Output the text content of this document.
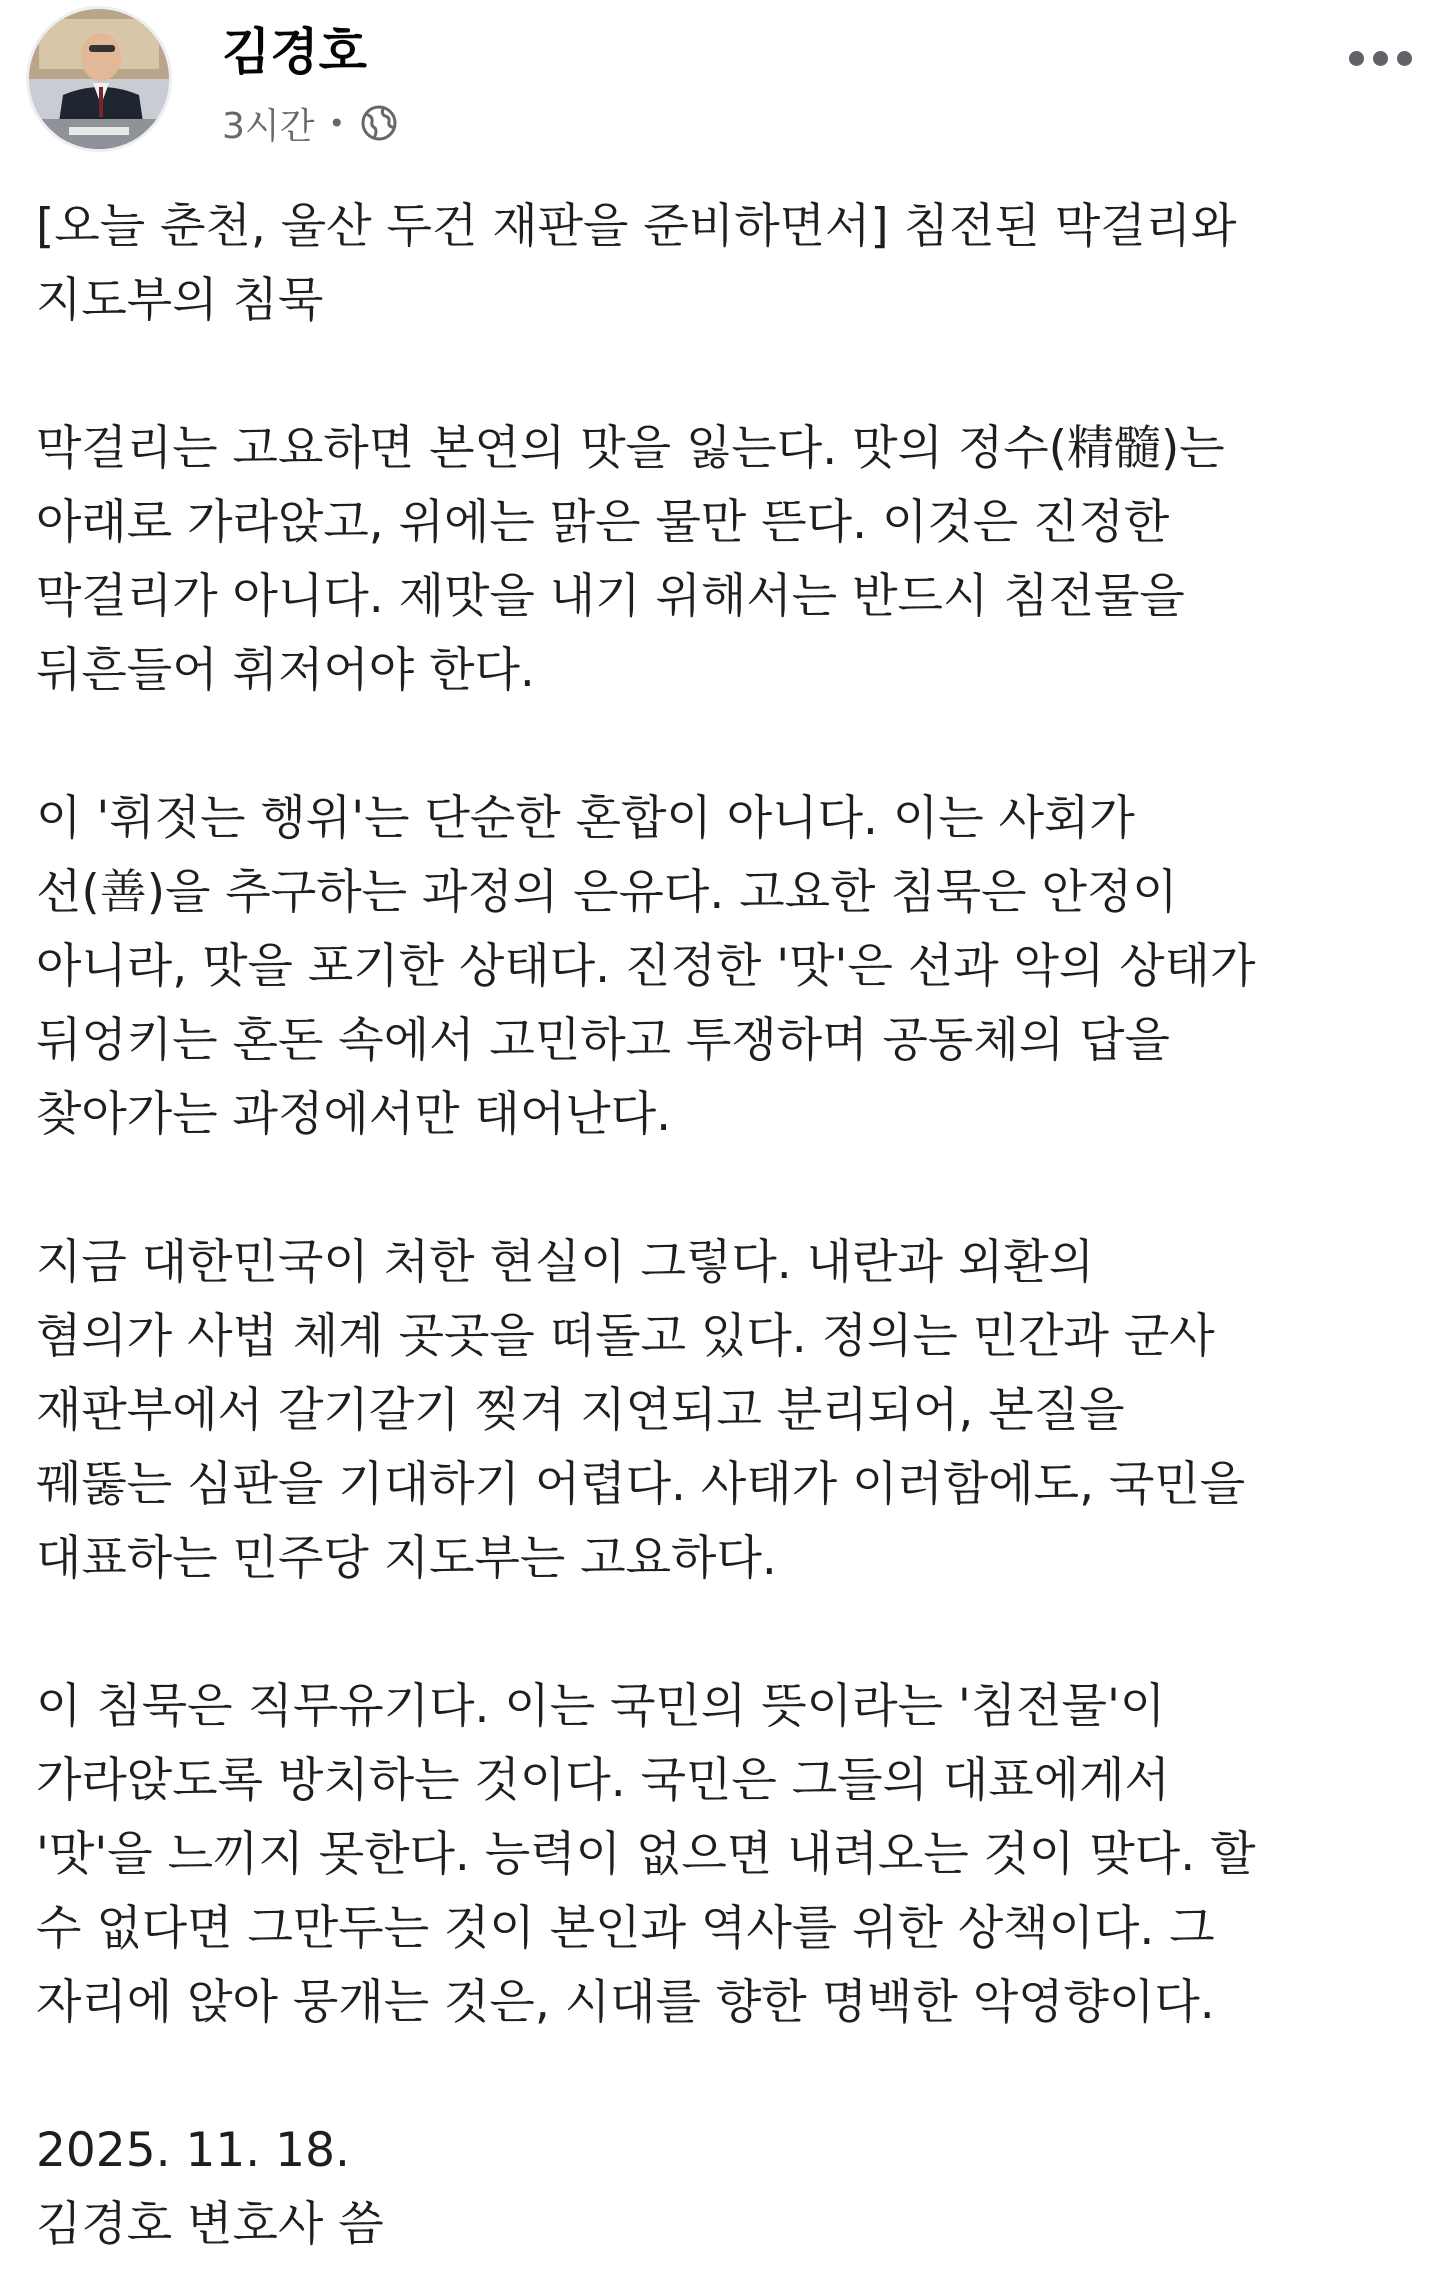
김경호
3시간 •

[오늘 춘천, 울산 두건 재판을 준비하면서] 침전된 막걸리와
지도부의 침묵

막걸리는 고요하면 본연의 맛을 잃는다. 맛의 정수(精髓)는
아래로 가라앉고, 위에는 맑은 물만 뜬다. 이것은 진정한
막걸리가 아니다. 제맛을 내기 위해서는 반드시 침전물을
뒤흔들어 휘저어야 한다.

이 '휘젓는 행위'는 단순한 혼합이 아니다. 이는 사회가
선(善)을 추구하는 과정의 은유다. 고요한 침묵은 안정이
아니라, 맛을 포기한 상태다. 진정한 '맛'은 선과 악의 상태가
뒤엉키는 혼돈 속에서 고민하고 투쟁하며 공동체의 답을
찾아가는 과정에서만 태어난다.

지금 대한민국이 처한 현실이 그렇다. 내란과 외환의
혐의가 사법 체계 곳곳을 떠돌고 있다. 정의는 민간과 군사
재판부에서 갈기갈기 찢겨 지연되고 분리되어, 본질을
꿰뚫는 심판을 기대하기 어렵다. 사태가 이러함에도, 국민을
대표하는 민주당 지도부는 고요하다.

이 침묵은 직무유기다. 이는 국민의 뜻이라는 '침전물'이
가라앉도록 방치하는 것이다. 국민은 그들의 대표에게서
'맛'을 느끼지 못한다. 능력이 없으면 내려오는 것이 맞다. 할
수 없다면 그만두는 것이 본인과 역사를 위한 상책이다. 그
자리에 앉아 뭉개는 것은, 시대를 향한 명백한 악영향이다.

2025. 11. 18.

김경호 변호사 씀
